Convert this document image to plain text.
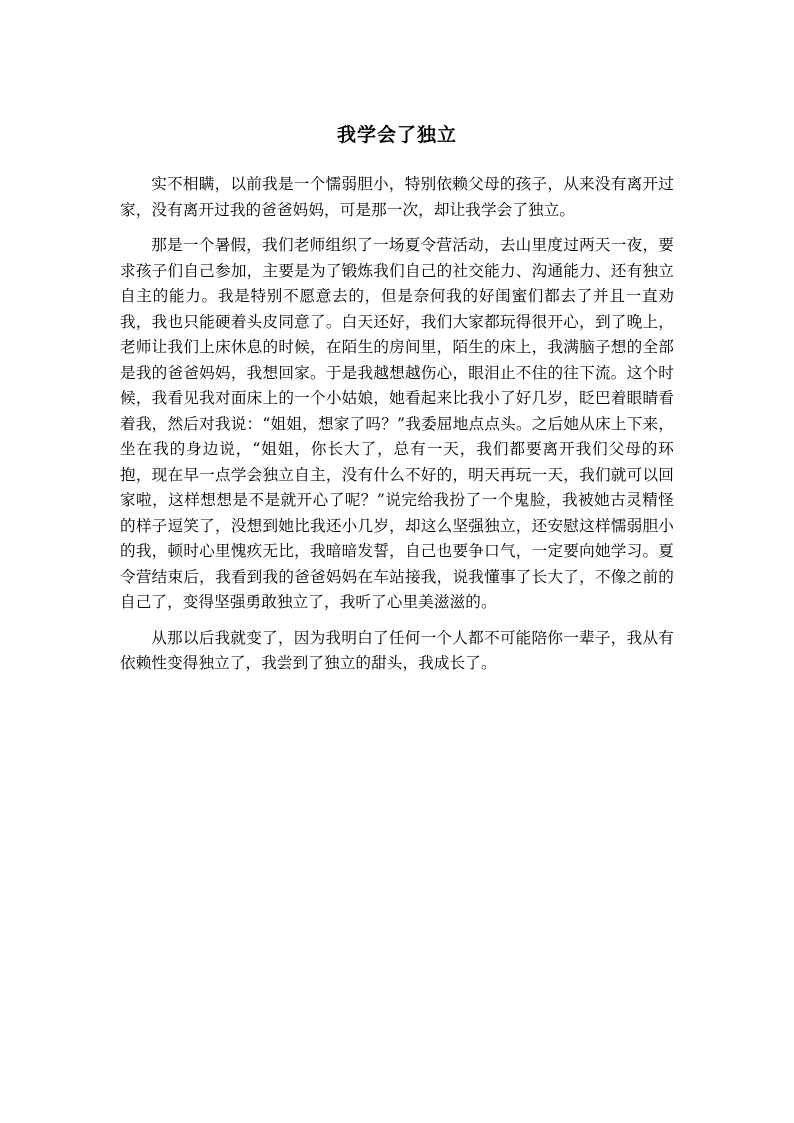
我学会了独立

实不相瞒，以前我是一个懦弱胆小，特别依赖父母的孩子，从来没有离开过家，没有离开过我的爸爸妈妈，可是那一次，却让我学会了独立。

那是一个暑假，我们老师组织了一场夏令营活动，去山里度过两天一夜，要求孩子们自己参加，主要是为了锻炼我们自己的社交能力、沟通能力、还有独立自主的能力。我是特别不愿意去的，但是奈何我的好闺蜜们都去了并且一直劝我，我也只能硬着头皮同意了。白天还好，我们大家都玩得很开心，到了晚上，老师让我们上床休息的时候，在陌生的房间里，陌生的床上，我满脑子想的全部是我的爸爸妈妈，我想回家。于是我越想越伤心，眼泪止不住的往下流。这个时候，我看见我对面床上的一个小姑娘，她看起来比我小了好几岁，眨巴着眼睛看着我，然后对我说：“姐姐，想家了吗？”我委屈地点点头。之后她从床上下来，坐在我的身边说，“姐姐，你长大了，总有一天，我们都要离开我们父母的环抱，现在早一点学会独立自主，没有什么不好的，明天再玩一天，我们就可以回家啦，这样想想是不是就开心了呢？”说完给我扮了一个鬼脸，我被她古灵精怪的样子逗笑了，没想到她比我还小几岁，却这么坚强独立，还安慰这样懦弱胆小的我，顿时心里愧疚无比，我暗暗发誓，自己也要争口气，一定要向她学习。夏令营结束后，我看到我的爸爸妈妈在车站接我，说我懂事了长大了，不像之前的自己了，变得坚强勇敢独立了，我听了心里美滋滋的。

从那以后我就变了，因为我明白了任何一个人都不可能陪你一辈子，我从有依赖性变得独立了，我尝到了独立的甜头，我成长了。
